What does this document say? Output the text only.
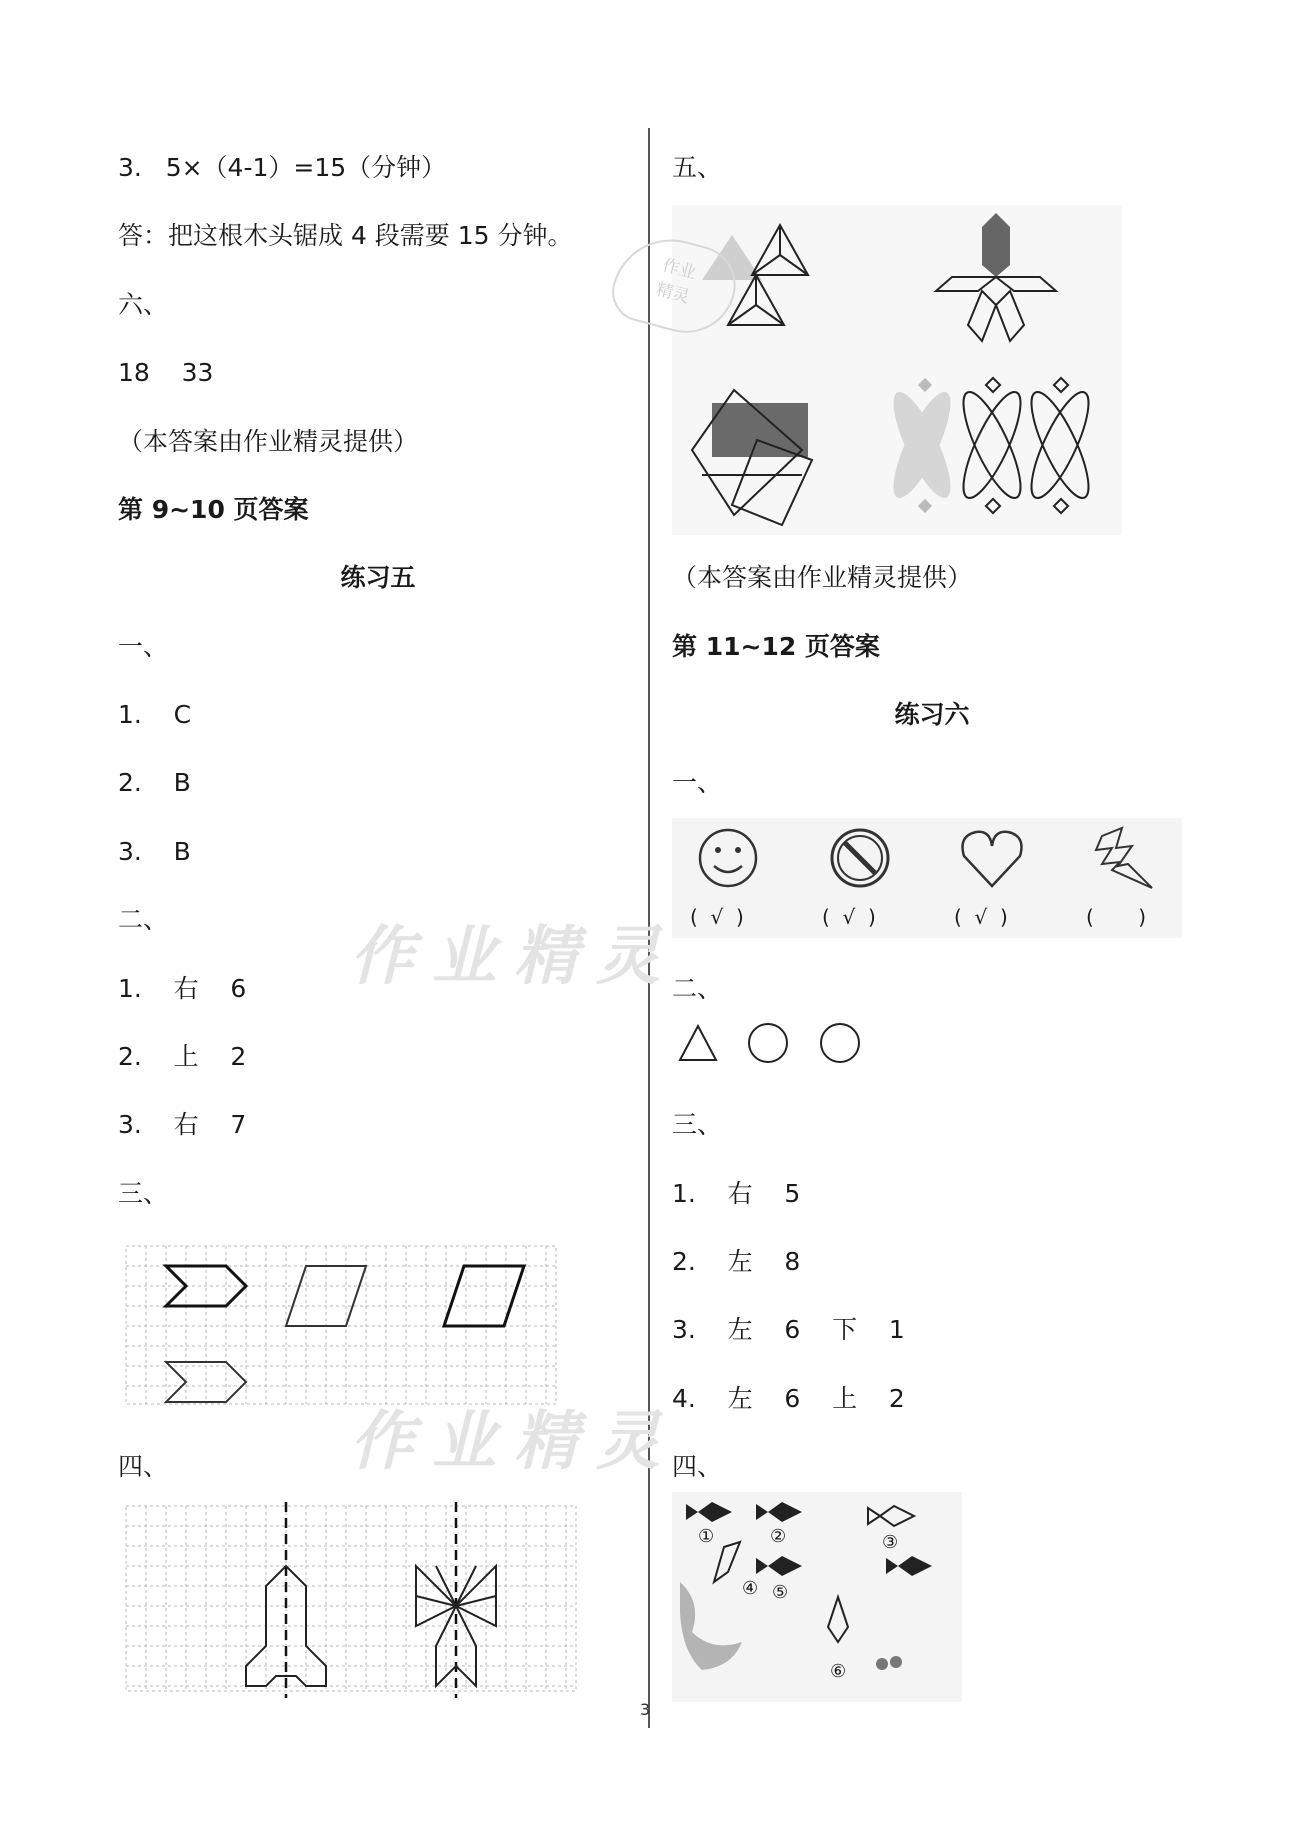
3.   5×（4-1）=15（分钟）
答：把这根木头锯成 4 段需要 15 分钟。
六、
18    33
（本答案由作业精灵提供）
第 9~10 页答案
练习五
一、
1.    C
2.    B
3.    B
二、
1.    右    6
2.    上    2
3.    右    7
三、
四、
五、
（本答案由作业精灵提供）
第 11~12 页答案
练习六
一、
二、
三、
1.    右    5
2.    左    8
3.    左    6    下    1
4.    左    6    上    2
四、
(  √  )	(  √  )	(  √  )	(       )
①	②	③
④ ⑤
⑥
作业
精灵
作业精灵
作业精灵
3
